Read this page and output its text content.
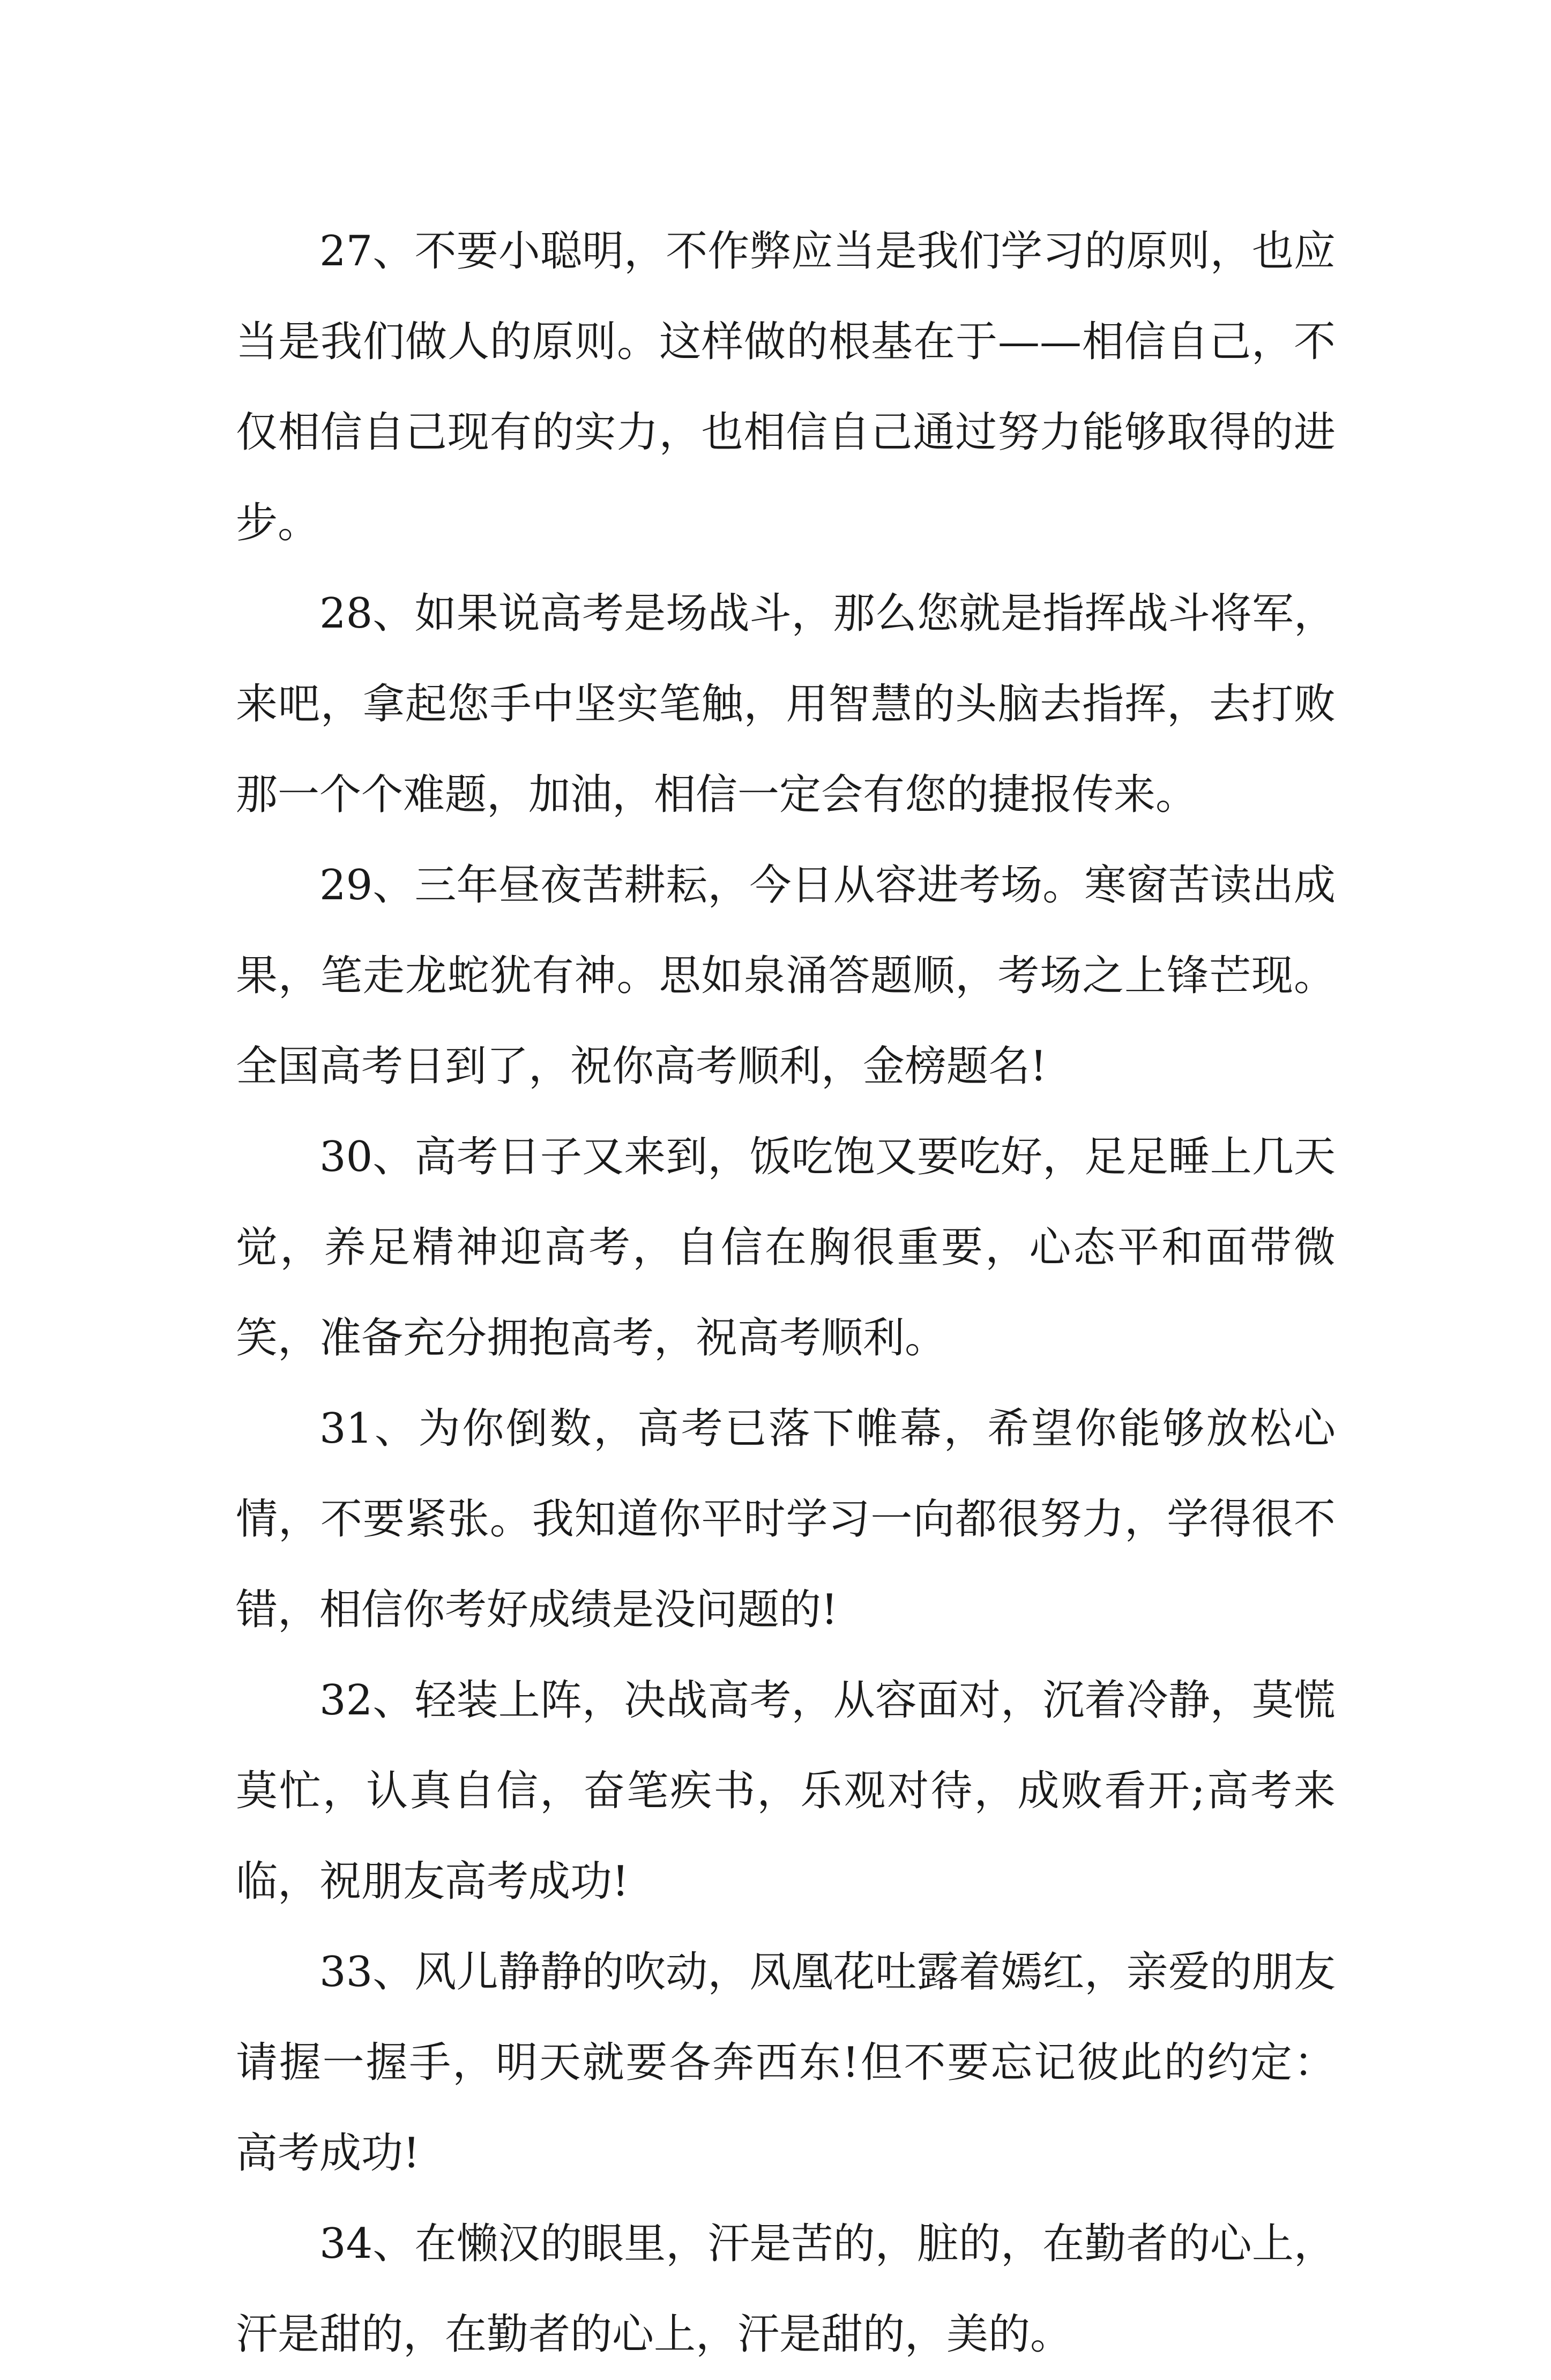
27、不要小聪明，不作弊应当是我们学习的原则，也应当是我们做人的原则。这样做的根基在于——相信自己，不仅相信自己现有的实力，也相信自己通过努力能够取得的进步。

28、如果说高考是场战斗，那么您就是指挥战斗将军，来吧，拿起您手中坚实笔触，用智慧的头脑去指挥，去打败那一个个难题，加油，相信一定会有您的捷报传来。

29、三年昼夜苦耕耘，今日从容进考场。寒窗苦读出成果，笔走龙蛇犹有神。思如泉涌答题顺，考场之上锋芒现。全国高考日到了，祝你高考顺利，金榜题名!

30、高考日子又来到，饭吃饱又要吃好，足足睡上几天觉，养足精神迎高考，自信在胸很重要，心态平和面带微笑，准备充分拥抱高考，祝高考顺利。

31、为你倒数，高考已落下帷幕，希望你能够放松心情，不要紧张。我知道你平时学习一向都很努力，学得很不错，相信你考好成绩是没问题的!

32、轻装上阵，决战高考，从容面对，沉着冷静，莫慌莫忙，认真自信，奋笔疾书，乐观对待，成败看开;高考来临，祝朋友高考成功!

33、风儿静静的吹动，凤凰花吐露着嫣红，亲爱的朋友请握一握手，明天就要各奔西东!但不要忘记彼此的约定：高考成功!

34、在懒汉的眼里，汗是苦的，脏的，在勤者的心上，汗是甜的，在勤者的心上，汗是甜的，美的。
